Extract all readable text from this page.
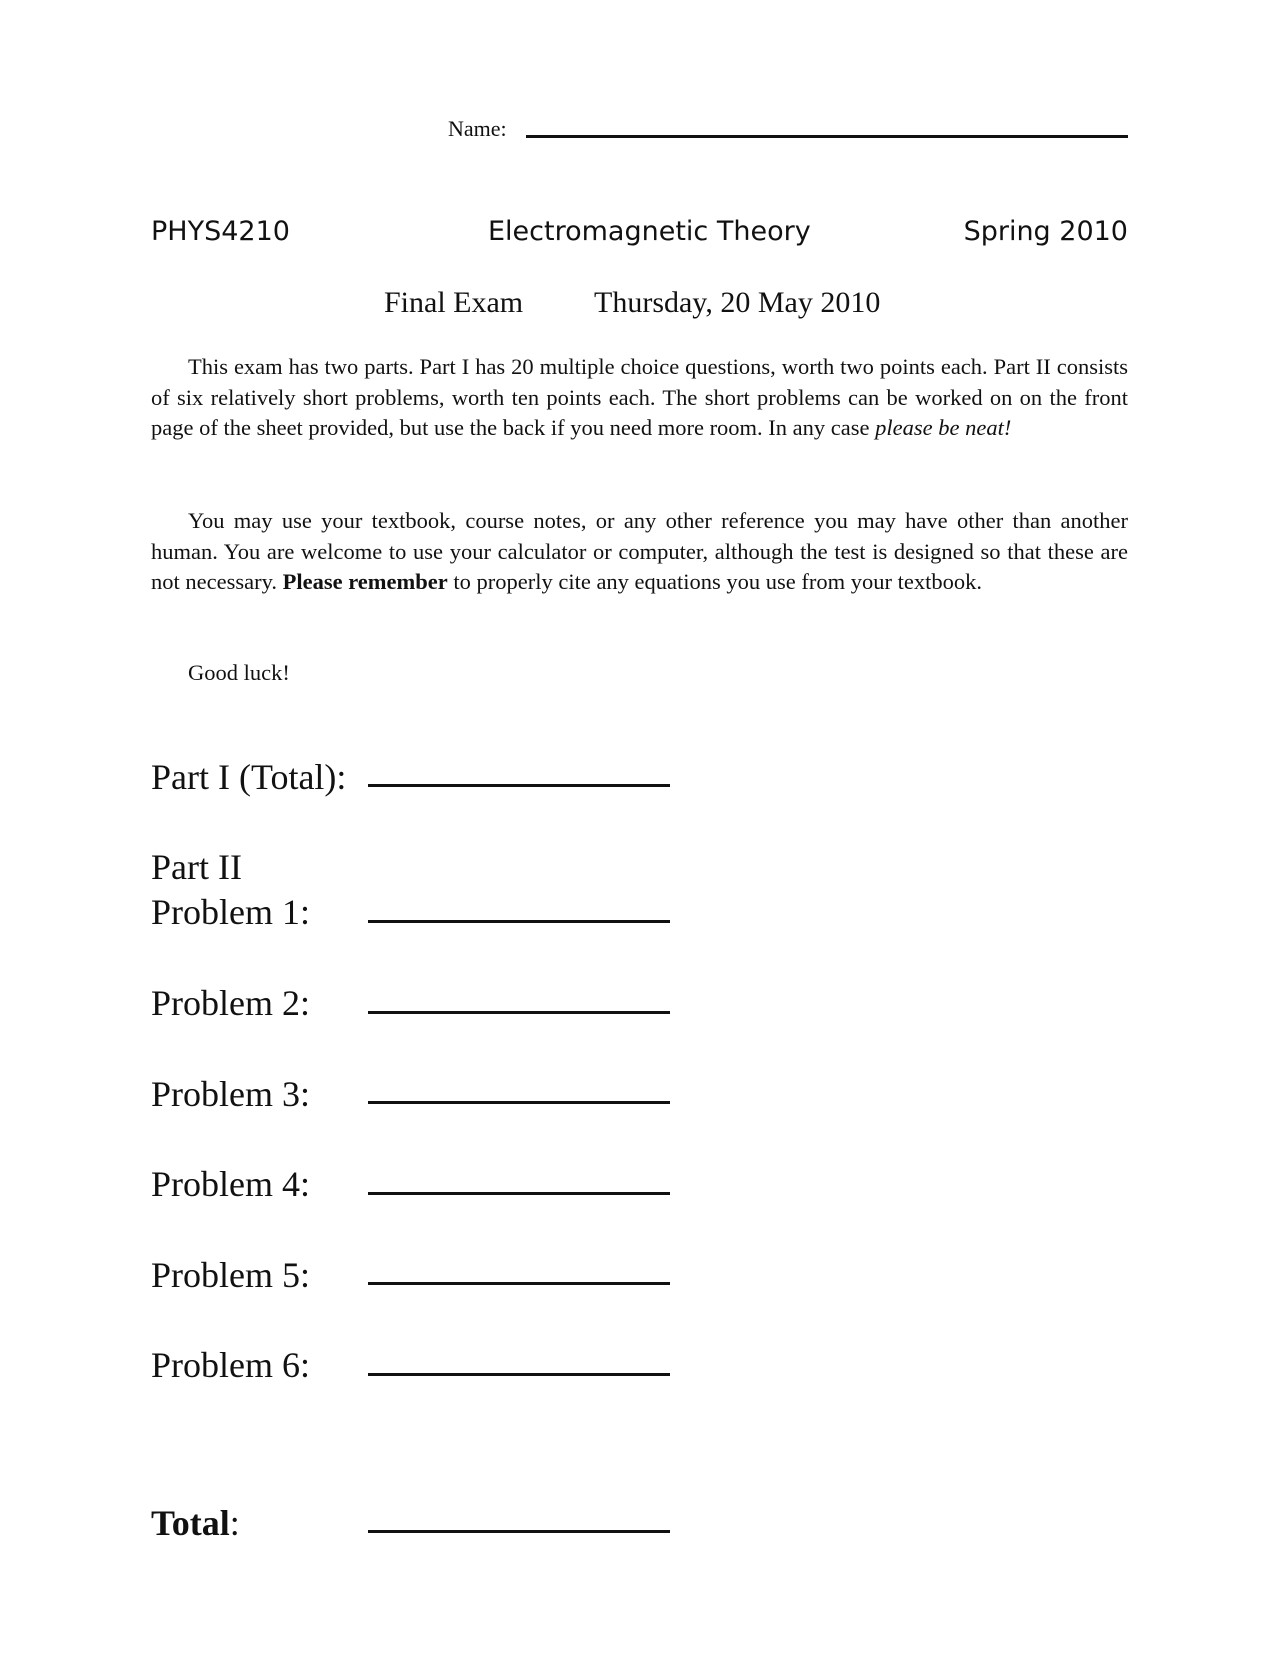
Name:
PHYS4210	Electromagnetic Theory	Spring 2010
Final Exam Thursday, 20 May 2010

This exam has two parts. Part I has 20 multiple choice questions, worth two points each. Part II consists of six relatively short problems, worth ten points each. The short problems can be worked on on the front page of the sheet provided, but use the back if you need more room. In any case please be neat!

You may use your textbook, course notes, or any other reference you may have other than another human. You are welcome to use your calculator or computer, although the test is designed so that these are not necessary. Please remember to properly cite any equations you use from your textbook.

Good luck!
Part I (Total):
Part II
Problem 1:
Problem 2:
Problem 3:
Problem 4:
Problem 5:
Problem 6:
Total:
